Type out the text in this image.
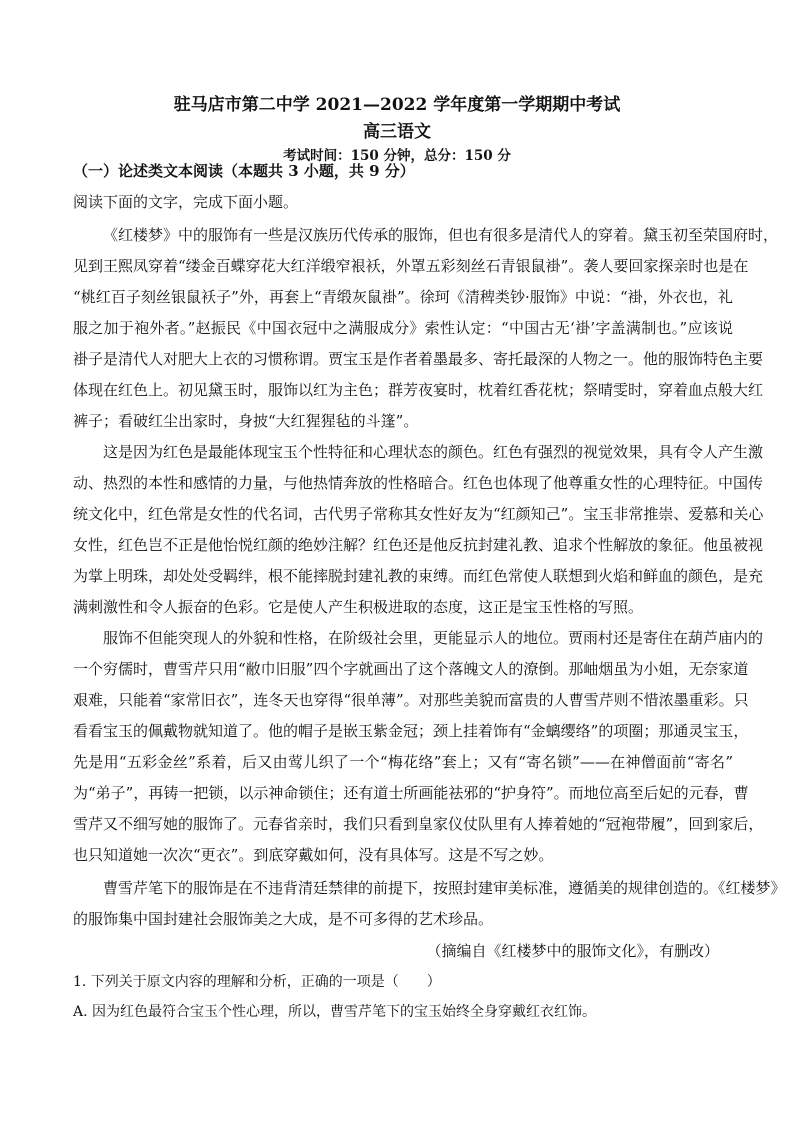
驻马店市第二中学 2021—2022 学年度第一学期期中考试
高三语文
考试时间：150 分钟，总分：150 分
（一）论述类文本阅读（本题共 3 小题，共 9 分）
阅读下面的文字，完成下面小题。
《红楼梦》中的服饰有一些是汉族历代传承的服饰，但也有很多是清代人的穿着。黛玉初至荣国府时，
见到王熙凤穿着“缕金百蝶穿花大红洋缎窄裉袄，外罩五彩刻丝石青银鼠褂”。袭人要回家探亲时也是在
“桃红百子刻丝银鼠袄子”外，再套上“青缎灰鼠褂”。徐珂《清稗类钞·服饰》中说：“褂，外衣也，礼
服之加于袍外者。”赵振民《中国衣冠中之满服成分》索性认定：“中国古无‘褂’字盖满制也。”应该说
褂子是清代人对肥大上衣的习惯称谓。贾宝玉是作者着墨最多、寄托最深的人物之一。他的服饰特色主要
体现在红色上。初见黛玉时，服饰以红为主色；群芳夜宴时，枕着红香花枕；祭晴雯时，穿着血点般大红
裤子；看破红尘出家时，身披“大红猩猩毡的斗篷”。
这是因为红色是最能体现宝玉个性特征和心理状态的颜色。红色有强烈的视觉效果，具有令人产生激
动、热烈的本性和感情的力量，与他热情奔放的性格暗合。红色也体现了他尊重女性的心理特征。中国传
统文化中，红色常是女性的代名词，古代男子常称其女性好友为“红颜知己”。宝玉非常推崇、爱慕和关心
女性，红色岂不正是他怡悦红颜的绝妙注解？红色还是他反抗封建礼教、追求个性解放的象征。他虽被视
为掌上明珠，却处处受羁绊，根不能摔脱封建礼教的束缚。而红色常使人联想到火焰和鲜血的颜色，是充
满刺激性和令人振奋的色彩。它是使人产生积极进取的态度，这正是宝玉性格的写照。
服饰不但能突现人的外貌和性格，在阶级社会里，更能显示人的地位。贾雨村还是寄住在葫芦庙内的
一个穷儒时，曹雪芹只用“敝巾旧服”四个字就画出了这个落魄文人的潦倒。那岫烟虽为小姐，无奈家道
艰难，只能着“家常旧衣”，连冬天也穿得“很单薄”。对那些美貌而富贵的人曹雪芹则不惜浓墨重彩。只
看看宝玉的佩戴物就知道了。他的帽子是嵌玉紫金冠；颈上挂着饰有“金螭缨络”的项圈；那通灵宝玉，
先是用“五彩金丝”系着，后又由莺儿织了一个“梅花络”套上；又有“寄名锁”——在神僧面前“寄名”
为“弟子”，再铸一把锁，以示神命锁住；还有道士所画能祛邪的“护身符”。而地位高至后妃的元春，曹
雪芹又不细写她的服饰了。元春省亲时，我们只看到皇家仪仗队里有人捧着她的“冠袍带履”，回到家后，
也只知道她一次次“更衣”。到底穿戴如何，没有具体写。这是不写之妙。
曹雪芹笔下的服饰是在不违背清廷禁律的前提下，按照封建审美标准，遵循美的规律创造的。《红楼梦》
的服饰集中国封建社会服饰美之大成，是不可多得的艺术珍品。
（摘编自《红楼梦中的服饰文化》，有删改）
1. 下列关于原文内容的理解和分析，正确的一项是（　　）
A. 因为红色最符合宝玉个性心理，所以，曹雪芹笔下的宝玉始终全身穿戴红衣红饰。
